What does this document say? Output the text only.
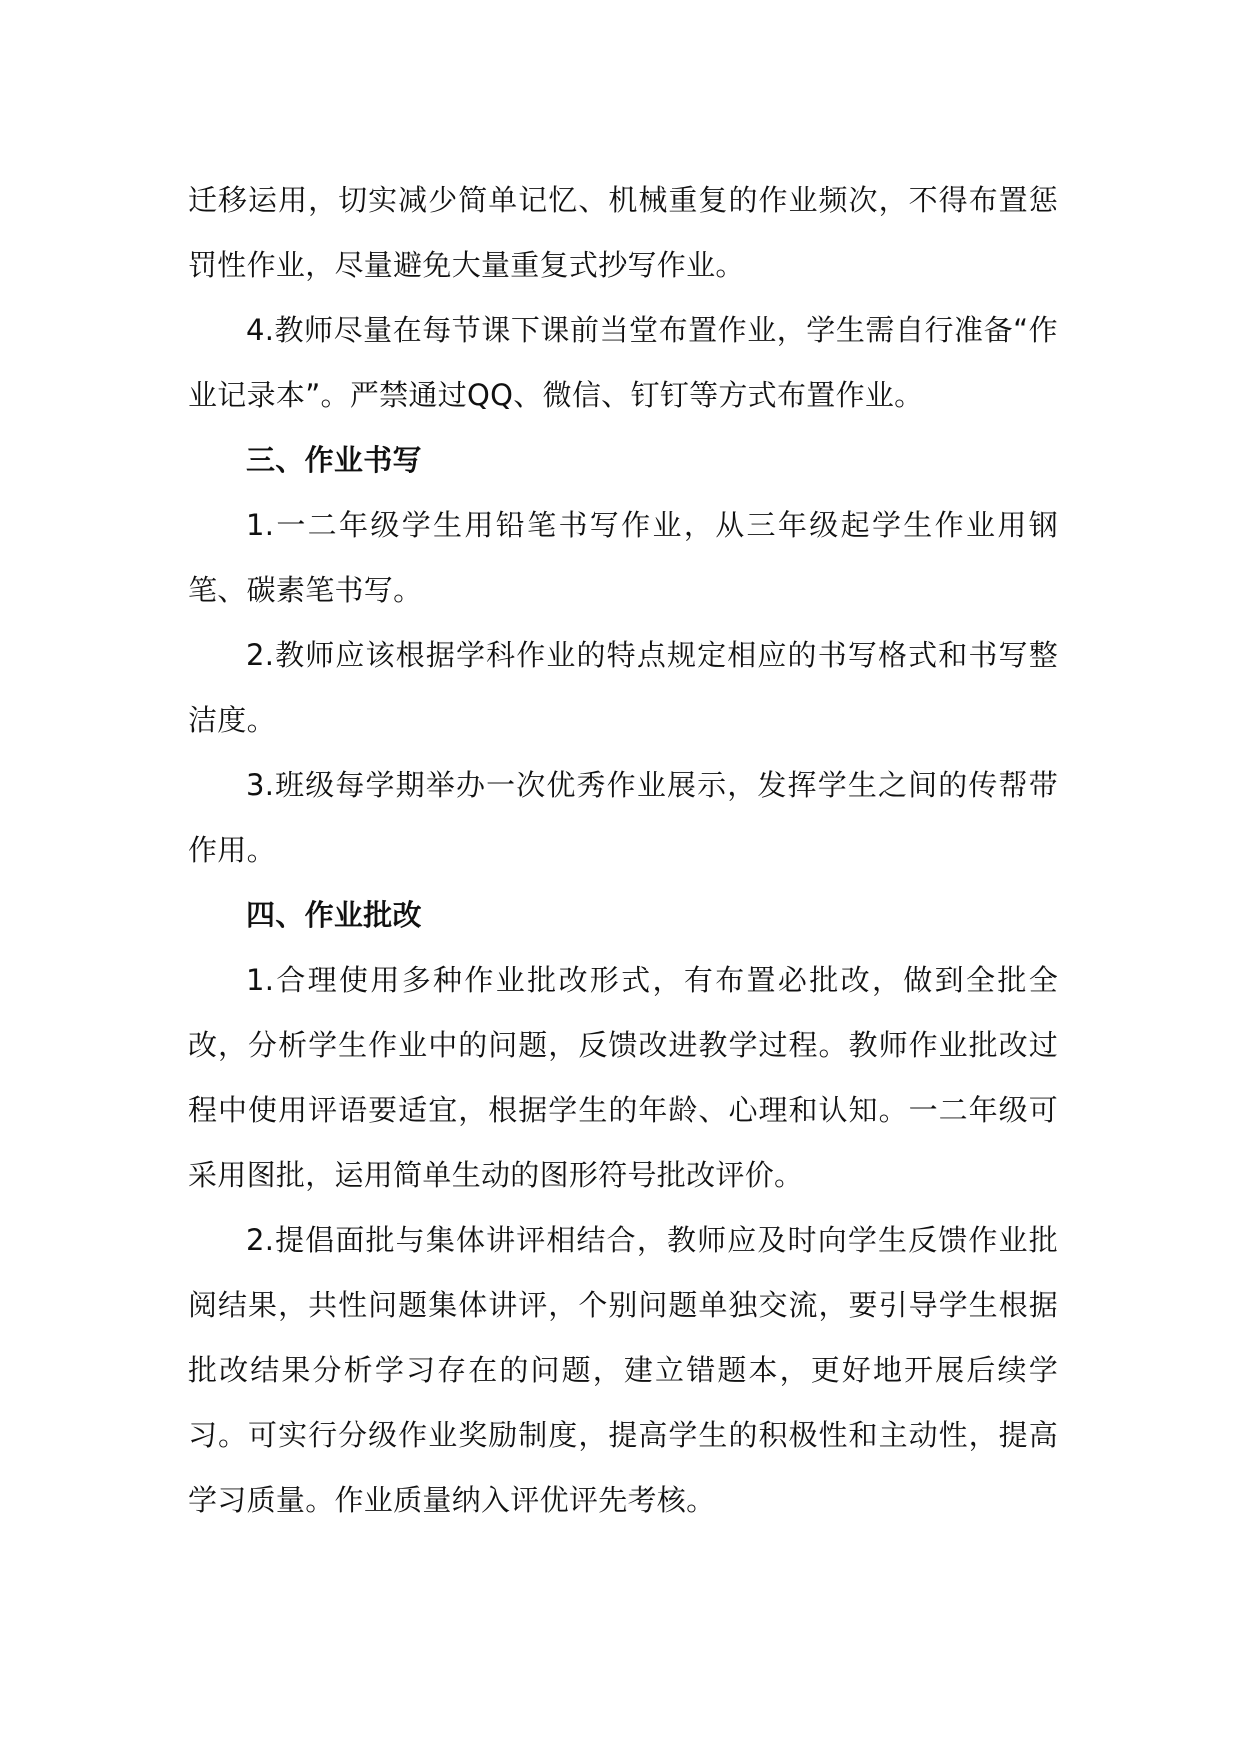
迁移运用，切实减少简单记忆、机械重复的作业频次，不得布置惩罚性作业，尽量避免大量重复式抄写作业。

4.教师尽量在每节课下课前当堂布置作业，学生需自行准备“作业记录本”。严禁通过QQ、微信、钉钉等方式布置作业。

三、作业书写

1.一二年级学生用铅笔书写作业，从三年级起学生作业用钢笔、碳素笔书写。

2.教师应该根据学科作业的特点规定相应的书写格式和书写整洁度。

3.班级每学期举办一次优秀作业展示，发挥学生之间的传帮带作用。

四、作业批改

1.合理使用多种作业批改形式，有布置必批改，做到全批全改，分析学生作业中的问题，反馈改进教学过程。教师作业批改过程中使用评语要适宜，根据学生的年龄、心理和认知。一二年级可采用图批，运用简单生动的图形符号批改评价。

2.提倡面批与集体讲评相结合，教师应及时向学生反馈作业批阅结果，共性问题集体讲评，个别问题单独交流，要引导学生根据批改结果分析学习存在的问题，建立错题本，更好地开展后续学习。可实行分级作业奖励制度，提高学生的积极性和主动性，提高学习质量。作业质量纳入评优评先考核。
